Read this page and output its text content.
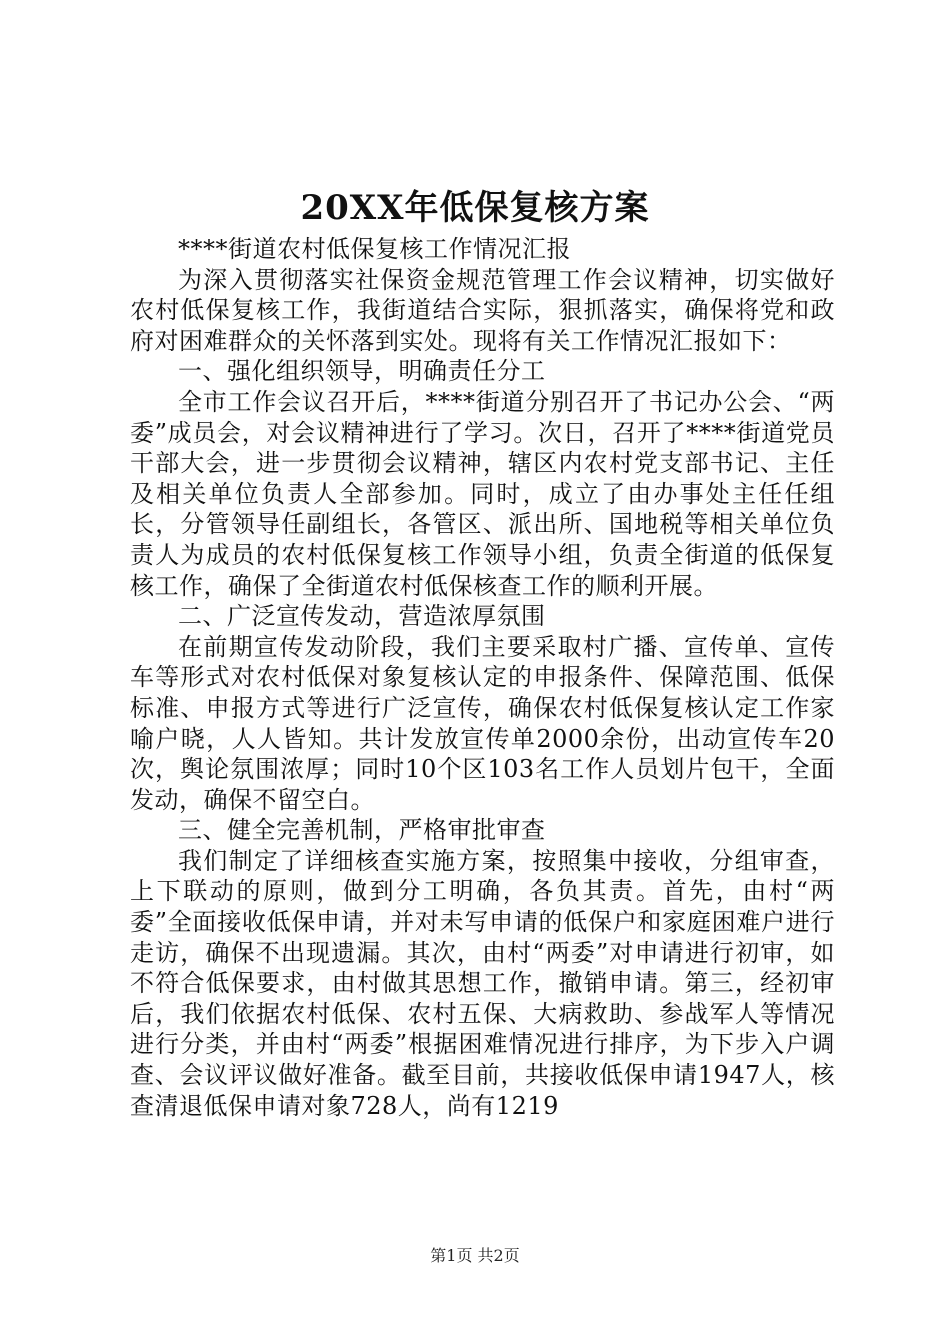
20XX年低保复核方案

****街道农村低保复核工作情况汇报

为深入贯彻落实社保资金规范管理工作会议精神，切实做好农村低保复核工作，我街道结合实际，狠抓落实，确保将党和政府对困难群众的关怀落到实处。现将有关工作情况汇报如下：

一、强化组织领导，明确责任分工

全市工作会议召开后，****街道分别召开了书记办公会、“两委”成员会，对会议精神进行了学习。次日，召开了****街道党员干部大会，进一步贯彻会议精神，辖区内农村党支部书记、主任及相关单位负责人全部参加。同时，成立了由办事处主任任组长，分管领导任副组长，各管区、派出所、国地税等相关单位负责人为成员的农村低保复核工作领导小组，负责全街道的低保复核工作，确保了全街道农村低保核查工作的顺利开展。

二、广泛宣传发动，营造浓厚氛围

在前期宣传发动阶段，我们主要采取村广播、宣传单、宣传车等形式对农村低保对象复核认定的申报条件、保障范围、低保标准、申报方式等进行广泛宣传，确保农村低保复核认定工作家喻户晓，人人皆知。共计发放宣传单2000余份，出动宣传车20次，舆论氛围浓厚；同时10个区103名工作人员划片包干，全面发动，确保不留空白。

三、健全完善机制，严格审批审查

我们制定了详细核查实施方案，按照集中接收，分组审查，上下联动的原则，做到分工明确，各负其责。首先，由村“两委”全面接收低保申请，并对未写申请的低保户和家庭困难户进行走访，确保不出现遗漏。其次，由村“两委”对申请进行初审，如不符合低保要求，由村做其思想工作，撤销申请。第三，经初审后，我们依据农村低保、农村五保、大病救助、参战军人等情况进行分类，并由村“两委”根据困难情况进行排序，为下步入户调查、会议评议做好准备。截至目前，共接收低保申请1947人，核查清退低保申请对象728人，尚有1219

第1页 共2页
